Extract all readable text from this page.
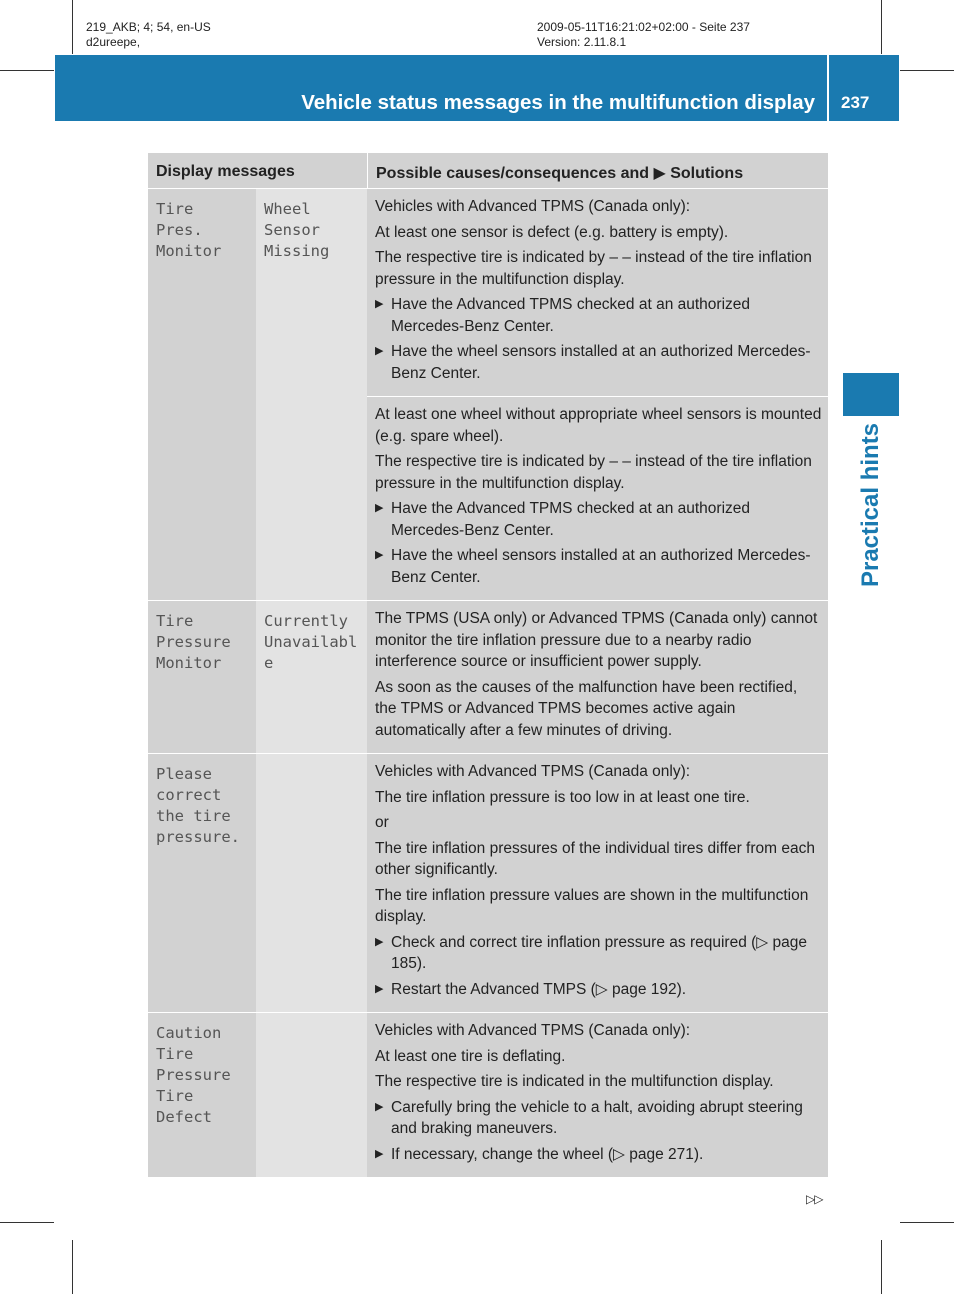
219_AKB; 4; 54, en-US
d2ureepe,
2009-05-11T16:21:02+02:00 - Seite 237
Version: 2.11.8.1
Vehicle status messages in the multifunction display 237
Practical hints
Display messages	Possible causes/consequences and ▶ Solutions
Tire
Pres.
Monitor
Wheel
Sensor
Missing
Vehicles with Advanced TPMS (Canada only):
At least one sensor is defect (e.g. battery is empty).
The respective tire is indicated by – – instead of the tire inflation pressure in the multifunction display.
▶ Have the Advanced TPMS checked at an authorized Mercedes-Benz Center.
▶ Have the wheel sensors installed at an authorized Mercedes-Benz Center.
At least one wheel without appropriate wheel sensors is mounted (e.g. spare wheel).
The respective tire is indicated by – – instead of the tire inflation pressure in the multifunction display.
▶ Have the Advanced TPMS checked at an authorized Mercedes-Benz Center.
▶ Have the wheel sensors installed at an authorized Mercedes-Benz Center.
Tire
Pressure
Monitor
Currently
Unavailabl
e
The TPMS (USA only) or Advanced TPMS (Canada only) cannot monitor the tire inflation pressure due to a nearby radio interference source or insufficient power supply.
As soon as the causes of the malfunction have been rectified, the TPMS or Advanced TPMS becomes active again automatically after a few minutes of driving.
Please
correct
the tire
pressure.
Vehicles with Advanced TPMS (Canada only):
The tire inflation pressure is too low in at least one tire.
or
The tire inflation pressures of the individual tires differ from each other significantly.
The tire inflation pressure values are shown in the multifunction display.
▶ Check and correct tire inflation pressure as required (▷ page 185).
▶ Restart the Advanced TMPS (▷ page 192).
Caution
Tire
Pressure
Tire
Defect
Vehicles with Advanced TPMS (Canada only):
At least one tire is deflating.
The respective tire is indicated in the multifunction display.
▶ Carefully bring the vehicle to a halt, avoiding abrupt steering and braking maneuvers.
▶ If necessary, change the wheel (▷ page 271).
▷▷
